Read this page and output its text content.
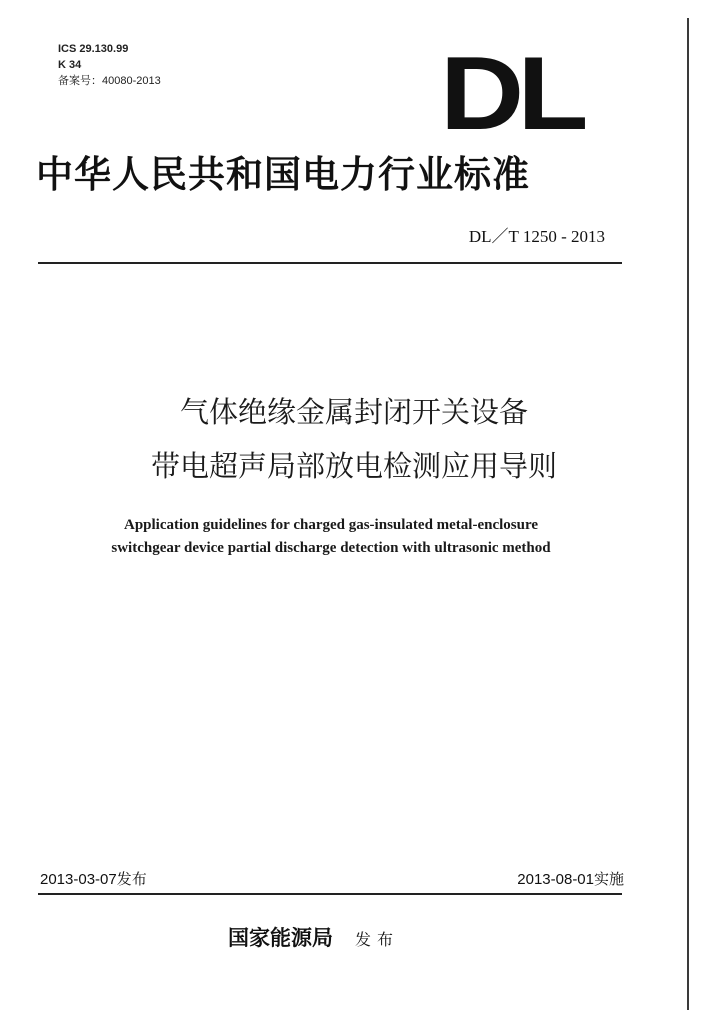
ICS 29.130.99
K 34
备案号：40080-2013	DL
中华人民共和国电力行业标准
DL／T 1250 - 2013
气体绝缘金属封闭开关设备
带电超声局部放电检测应用导则
Application guidelines for charged gas-insulated metal-enclosure
switchgear device partial discharge detection with ultrasonic method
2013-03-07发布	2013-08-01实施
国家能源局 发布
